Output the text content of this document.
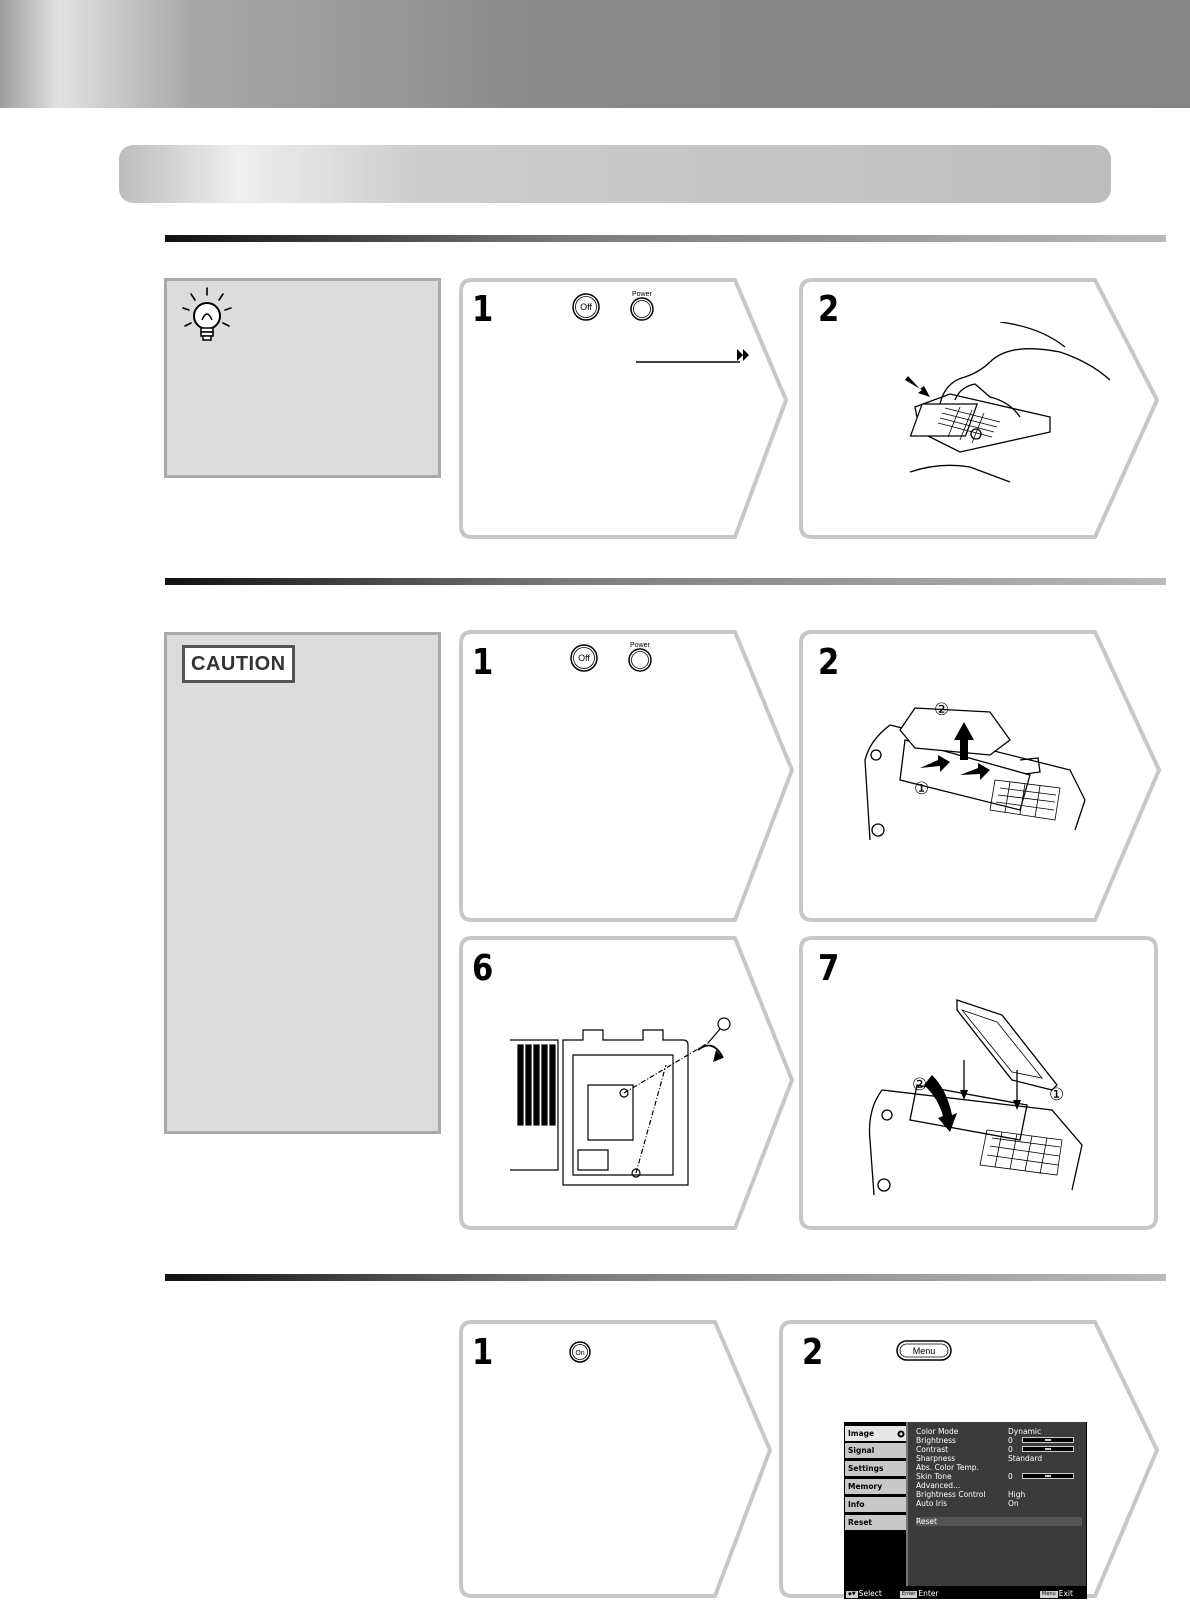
CAUTION
1	2
1	2
6	7
1	2
Off
Power
Off
Power
②
①
②	①
On	Menu
Image
Signal
Settings
Memory
Info
Reset
Color Mode	Dynamic
Brightness	0
Contrast	0
Sharpness	Standard
Abs. Color Temp.
Skin Tone	0
Advanced...
Brightness Control	High
Auto Iris	On
Reset
◆▼ Select	Enter Enter	Menu Exit
